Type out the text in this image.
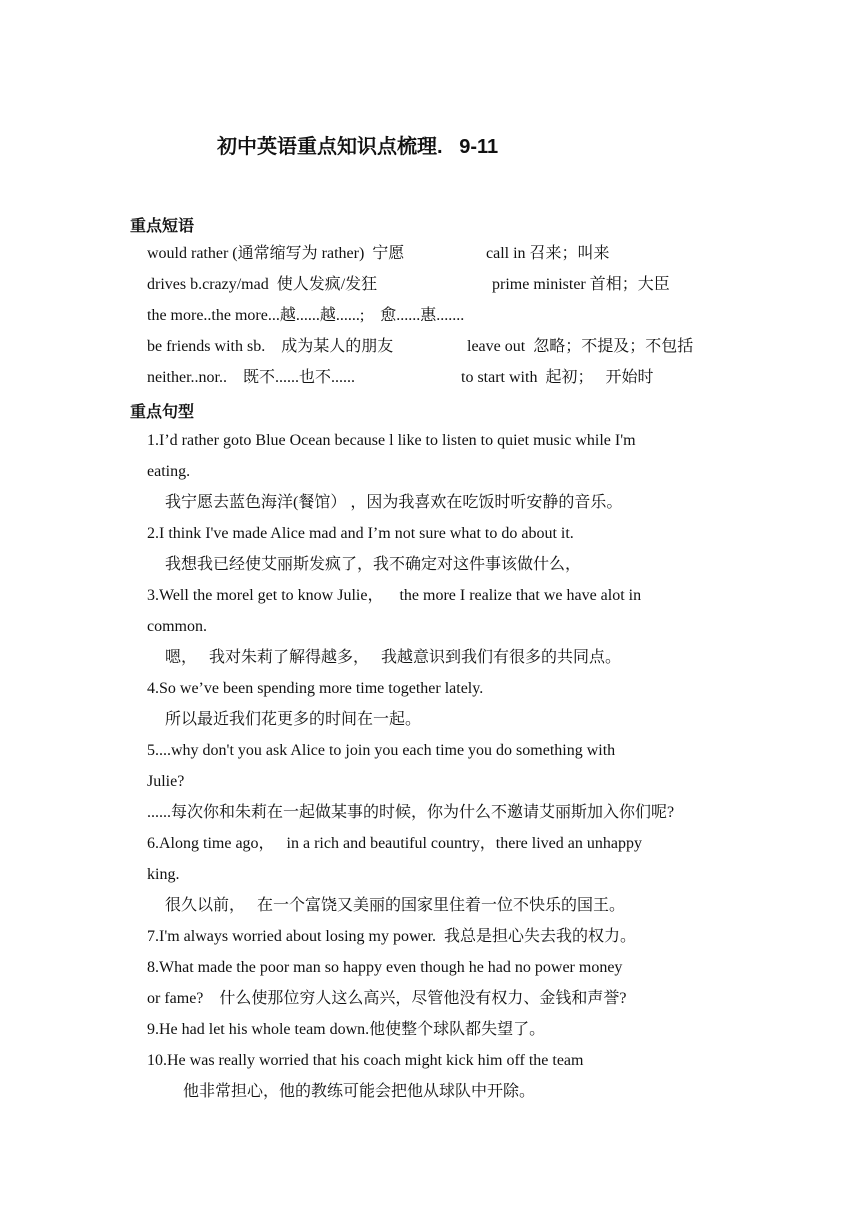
初中英语重点知识点梳理.   9-11
重点短语
would rather (通常缩写为 rather)  宁愿	call in 召来；叫来
drives b.crazy/mad  使人发疯/发狂	prime minister 首相；大臣
the more..the more...越......越......;    愈......惠.......
be friends with sb.    成为某人的朋友	leave out  忽略；不提及；不包括
neither..nor..    既不......也不......	to start with  起初；   开始时
重点句型
1.I’d rather goto Blue Ocean because l like to listen to quiet music while I'm
eating.
我宁愿去蓝色海洋(餐馆） ，因为我喜欢在吃饭时听安静的音乐。
2.I think I've made Alice mad and I’m not sure what to do about it.
我想我已经使艾丽斯发疯了，我不确定对这件事该做什么，
3.Well the morel get to know Julie，    the more I realize that we have alot in
common.
嗯，   我对朱莉了解得越多，   我越意识到我们有很多的共同点。
4.So we’ve been spending more time together lately.
所以最近我们花更多的时间在一起。
5....why don't you ask Alice to join you each time you do something with
Julie?
......每次你和朱莉在一起做某事的时候，你为什么不邀请艾丽斯加入你们呢?
6.Along time ago，   in a rich and beautiful country，there lived an unhappy
king.
很久以前，   在一个富饶又美丽的国家里住着一位不快乐的国王。
7.I'm always worried about losing my power.  我总是担心失去我的权力。
8.What made the poor man so happy even though he had no power money
or fame?    什么使那位穷人这么高兴，尽管他没有权力、金钱和声誉?
9.He had let his whole team down.他使整个球队都失望了。
10.He was really worried that his coach might kick him off the team
他非常担心，他的教练可能会把他从球队中开除。
